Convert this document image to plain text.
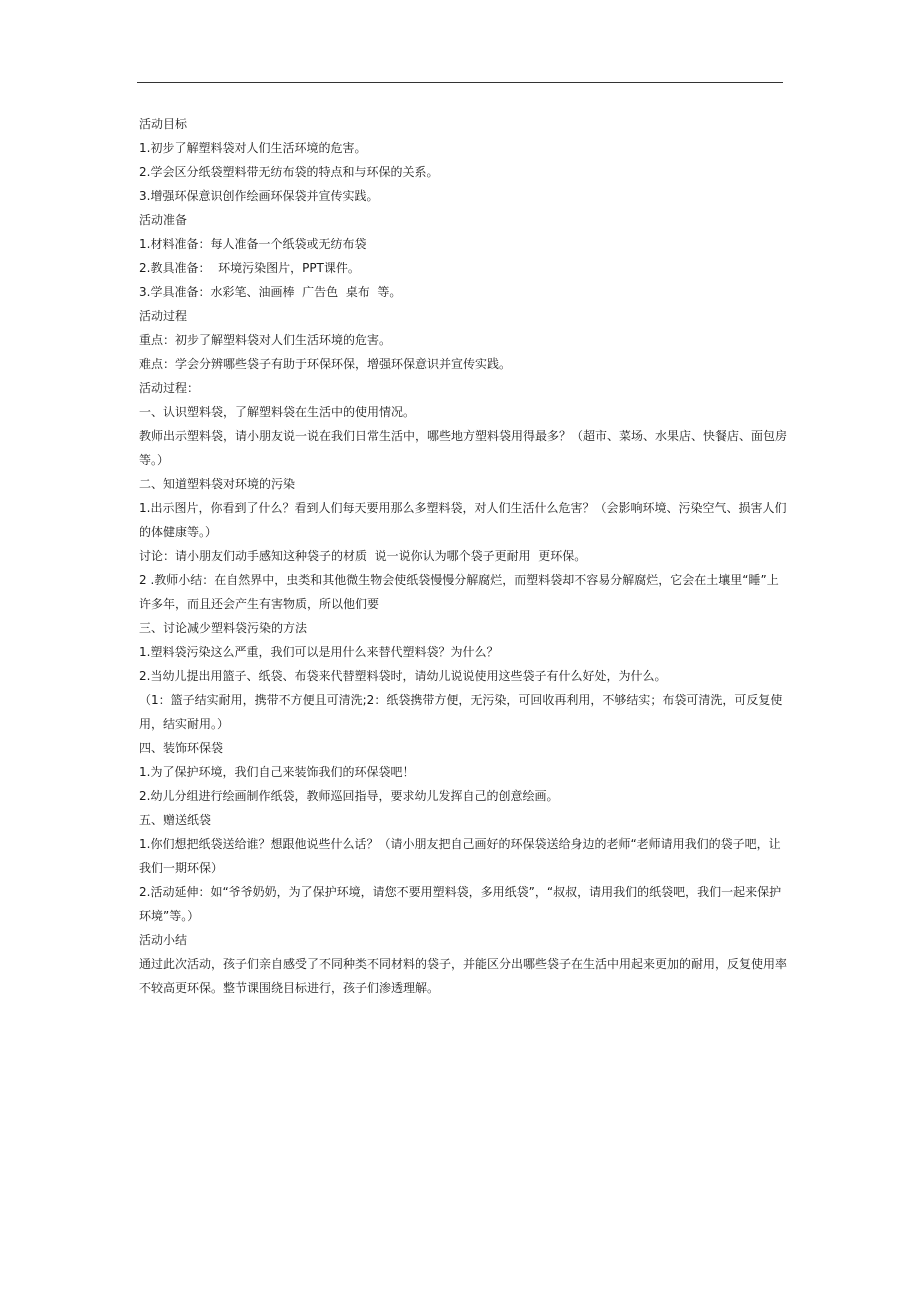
活动目标
1.初步了解塑料袋对人们生活环境的危害。
2.学会区分纸袋塑料带无纺布袋的特点和与环保的关系。
3.增强环保意识创作绘画环保袋并宣传实践。
活动准备
1.材料准备：每人准备一个纸袋或无纺布袋
2.教具准备：  环境污染图片，PPT课件。
3.学具准备：水彩笔、油画棒  广告色  桌布  等。
活动过程
重点：初步了解塑料袋对人们生活环境的危害。
难点：学会分辨哪些袋子有助于环保环保，增强环保意识并宣传实践。
活动过程：
一、认识塑料袋，了解塑料袋在生活中的使用情况。
教师出示塑料袋，请小朋友说一说在我们日常生活中，哪些地方塑料袋用得最多？（超市、菜场、水果店、快餐店、面包房等。）
二、知道塑料袋对环境的污染
1.出示图片，你看到了什么？看到人们每天要用那么多塑料袋，对人们生活什么危害？（会影响环境、污染空气、损害人们的体健康等。）
讨论：请小朋友们动手感知这种袋子的材质  说一说你认为哪个袋子更耐用  更环保。
2 .教师小结：在自然界中，虫类和其他微生物会使纸袋慢慢分解腐烂，而塑料袋却不容易分解腐烂，它会在土壤里“睡”上许多年，而且还会产生有害物质，所以他们要
三、讨论减少塑料袋污染的方法
1.塑料袋污染这么严重，我们可以是用什么来替代塑料袋？为什么？
2.当幼儿提出用篮子、纸袋、布袋来代替塑料袋时，请幼儿说说使用这些袋子有什么好处，为什么。
（1：篮子结实耐用，携带不方便且可清洗;2：纸袋携带方便，无污染，可回收再利用，不够结实；布袋可清洗，可反复使用，结实耐用。）
四、装饰环保袋
1.为了保护环境，我们自己来装饰我们的环保袋吧！
2.幼儿分组进行绘画制作纸袋，教师巡回指导，要求幼儿发挥自己的创意绘画。
五、赠送纸袋
1.你们想把纸袋送给谁？想跟他说些什么话？（请小朋友把自己画好的环保袋送给身边的老师“老师请用我们的袋子吧，让我们一期环保）
2.活动延伸：如“爷爷奶奶，为了保护环境，请您不要用塑料袋，多用纸袋”，“叔叔，请用我们的纸袋吧，我们一起来保护环境”等。）
活动小结
通过此次活动，孩子们亲自感受了不同种类不同材料的袋子，并能区分出哪些袋子在生活中用起来更加的耐用，反复使用率不较高更环保。整节课围绕目标进行，孩子们渗透理解。
